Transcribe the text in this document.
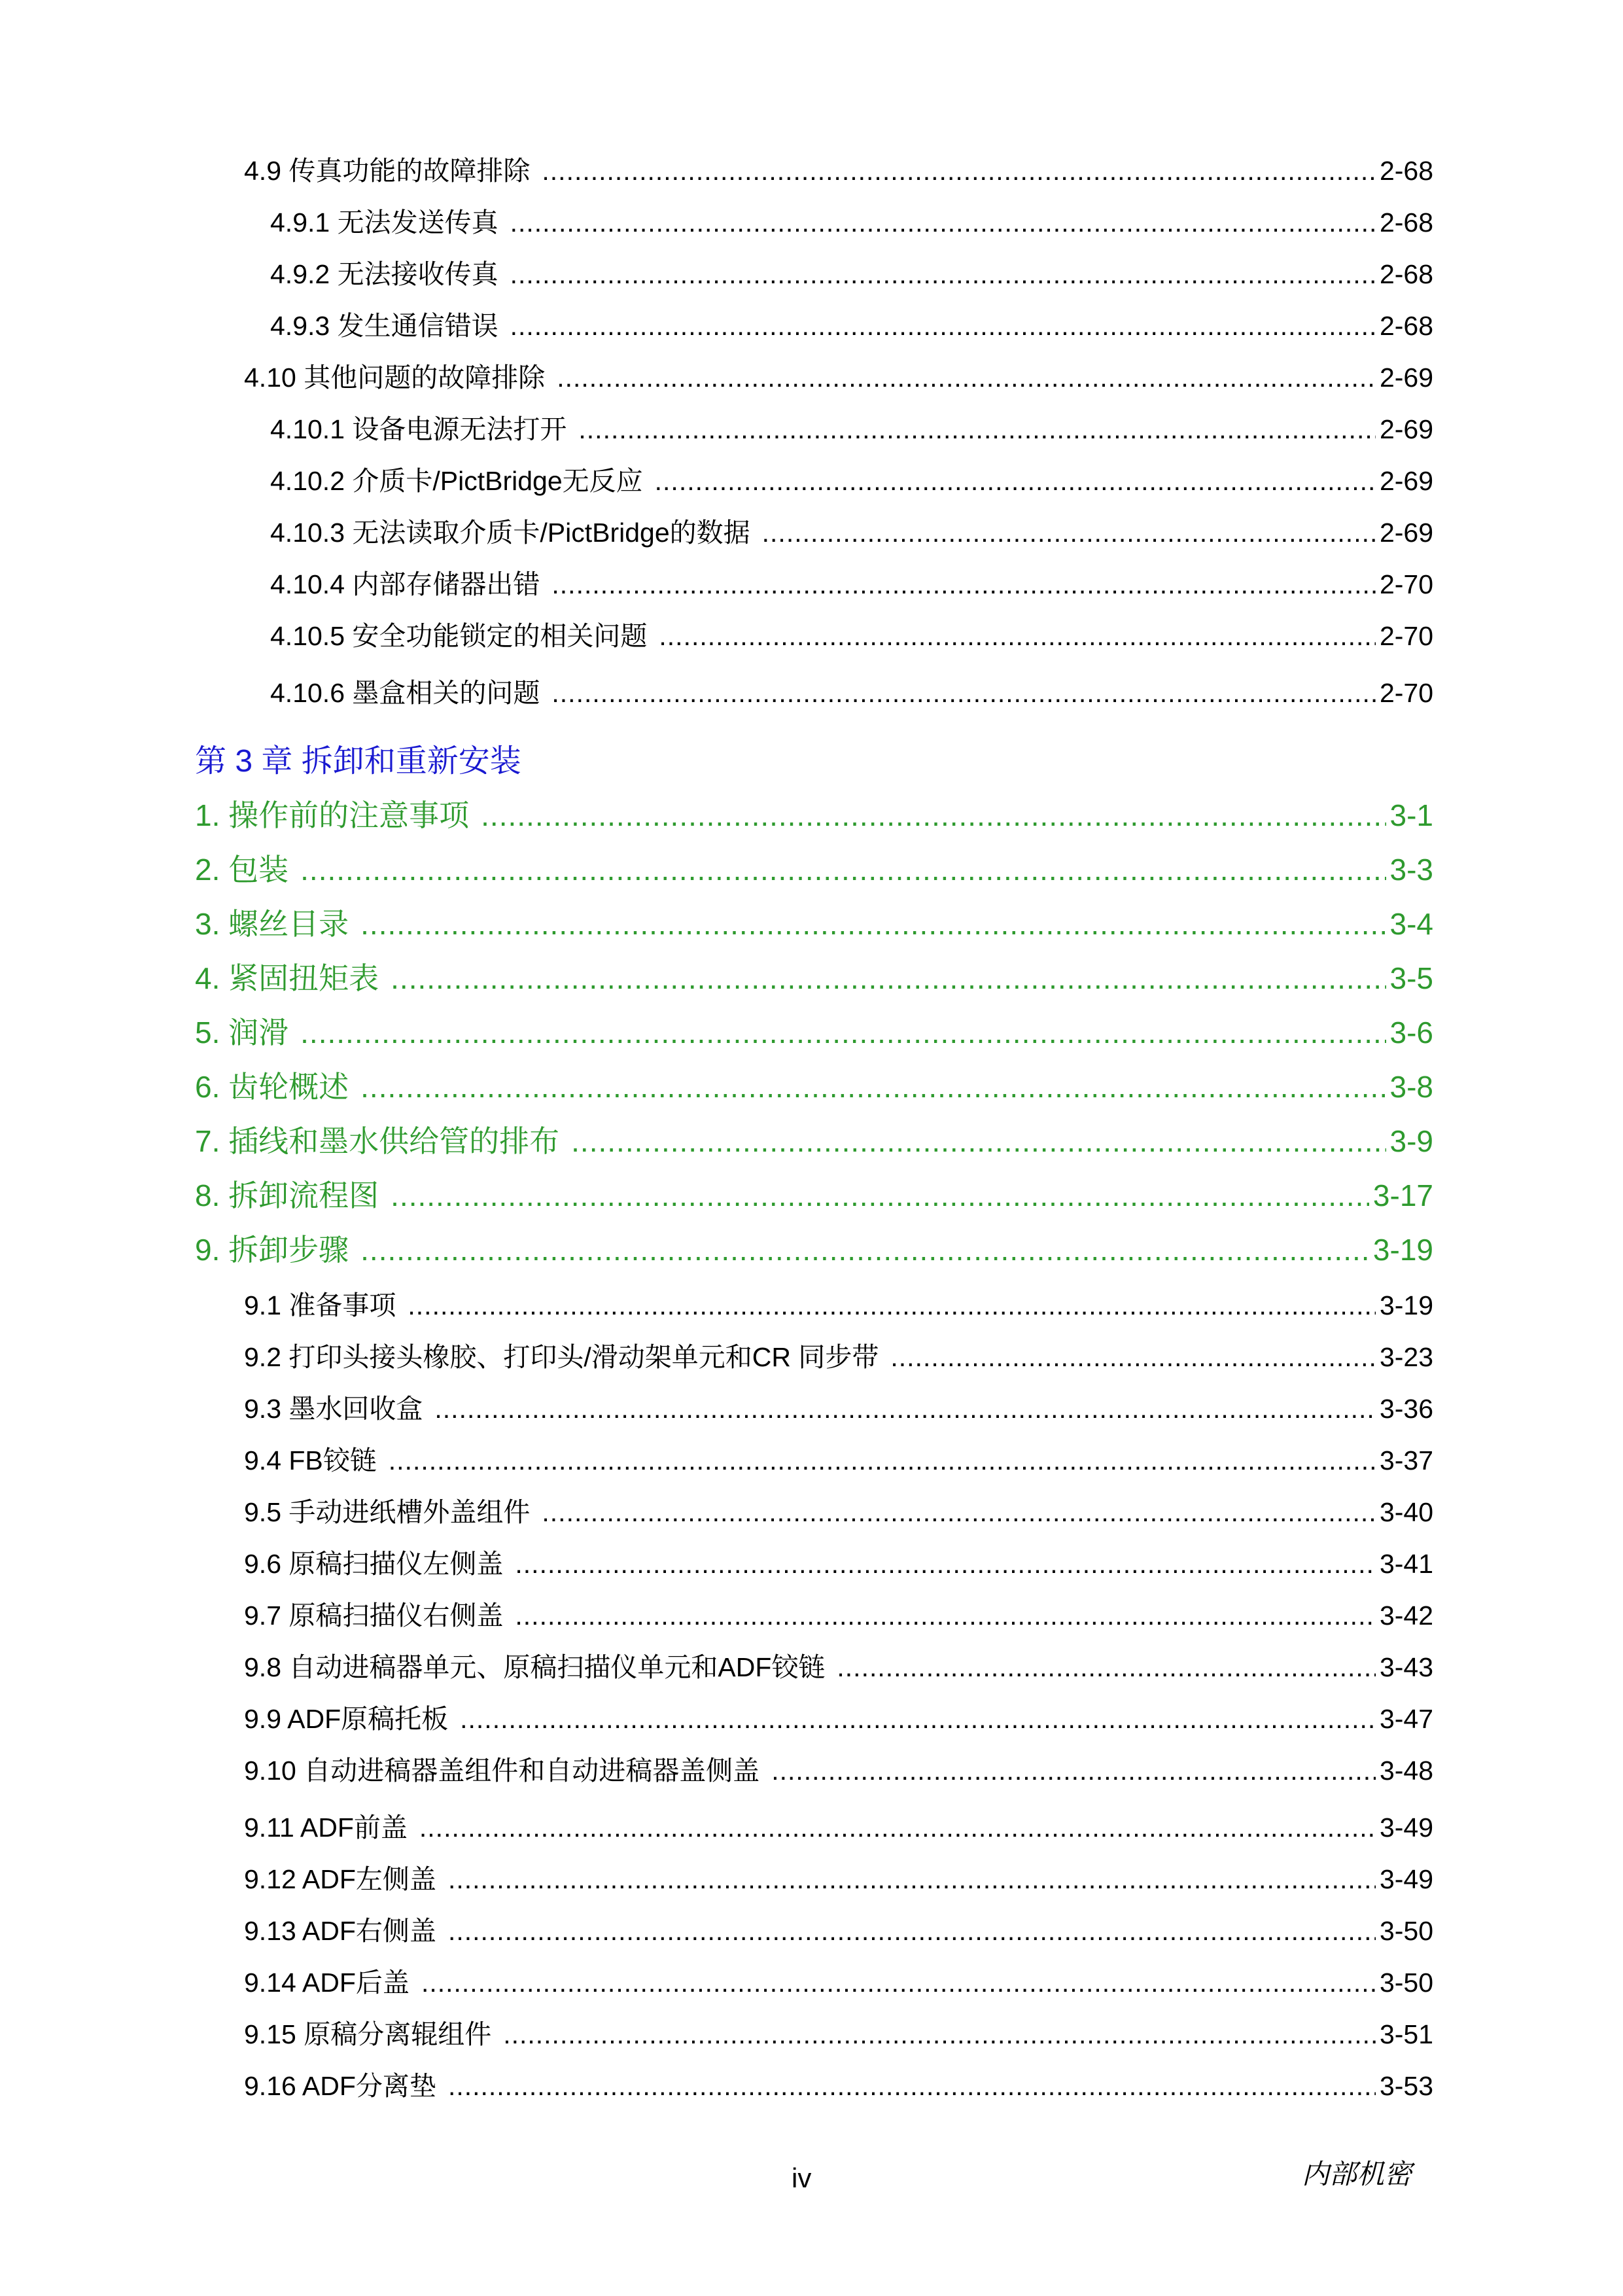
4.9 传真功能的故障排除 .....	2-68
4.9.1 无法发送传真 .....	2-68
4.9.2 无法接收传真 .....	2-68
4.9.3 发生通信错误 .....	2-68
4.10 其他问题的故障排除 .....	2-69
4.10.1 设备电源无法打开 .....	2-69
4.10.2 介质卡/PictBridge无反应 .....	2-69
4.10.3 无法读取介质卡/PictBridge的数据 .....	2-69
4.10.4 内部存储器出错 .....	2-70
4.10.5 安全功能锁定的相关问题 .....	2-70
4.10.6 墨盒相关的问题 .....	2-70
第 3 章 拆卸和重新安装
1. 操作前的注意事项 .....	3-1
2. 包装 .....	3-3
3. 螺丝目录 .....	3-4
4. 紧固扭矩表 .....	3-5
5. 润滑 .....	3-6
6. 齿轮概述 .....	3-8
7. 插线和墨水供给管的排布 .....	3-9
8. 拆卸流程图 .....	3-17
9. 拆卸步骤 .....	3-19
9.1 准备事项 .....	3-19
9.2 打印头接头橡胶、打印头/滑动架单元和CR 同步带 .....	3-23
9.3 墨水回收盒 .....	3-36
9.4 FB铰链 .....	3-37
9.5 手动进纸槽外盖组件 .....	3-40
9.6 原稿扫描仪左侧盖 .....	3-41
9.7 原稿扫描仪右侧盖 .....	3-42
9.8 自动进稿器单元、原稿扫描仪单元和ADF铰链 .....	3-43
9.9 ADF原稿托板 .....	3-47
9.10 自动进稿器盖组件和自动进稿器盖侧盖 .....	3-48
9.11 ADF前盖 .....	3-49
9.12 ADF左侧盖 .....	3-49
9.13 ADF右侧盖 .....	3-50
9.14 ADF后盖 .....	3-50
9.15 原稿分离辊组件 .....	3-51
9.16 ADF分离垫 .....	3-53
iv	内部机密
